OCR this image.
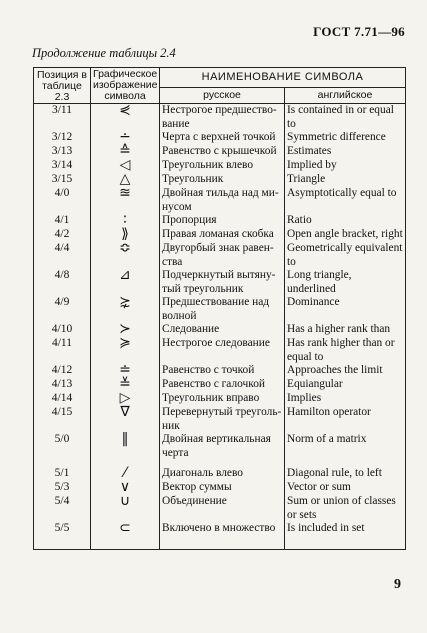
ГОСТ 7.71—96
Продолжение таблицы 2.4
Позиция в таблице 2.3	Графическое изображение символа	НАИМЕНОВАНИЕ СИМВОЛА	
		русское	английское
3/11	⋞	Нестрогое предшество-вание	Is contained in or equal to
3/12	∸	Черта с верхней точкой	Symmetric difference
3/13	≙	Равенство с крышечкой	Estimates
3/14	◁	Треугольник влево	Implied by
3/15	△	Треугольник	Triangle
4/0	≊	Двойная тильда над ми-нусом	Asymptotically equal to
4/1	∶	Пропорция	Ratio
4/2	⟫	Правая ломаная скобка	Open angle bracket, right
4/4	≎	Двугорбый знак равен-ства	Geometrically equivalent to
4/8	⊿	Подчеркнутый вытяну-тый треугольник	Long triangle, underlined
4/9	⋩	Предшествование над волной	Dominance
4/10	≻	Следование	Has a higher rank than
4/11	≽	Нестрогое следование	Has rank higher than or equal to
4/12	≐	Равенство с точкой	Approaches the limit
4/13	≚	Равенство с галочкой	Equiangular
4/14	▷	Треугольник вправо	Implies
4/15	∇	Перевернутый треуголь-ник	Hamilton operator
5/0	‖	Двойная вертикальная черта	Norm of a matrix
5/1	⁄	Диагональ влево	Diagonal rule, to left
5/3	∨	Вектор суммы	Vector or sum
5/4	∪	Объединение	Sum or union of classes or sets
5/5	⊂	Включено в множество	Is included in set
9
